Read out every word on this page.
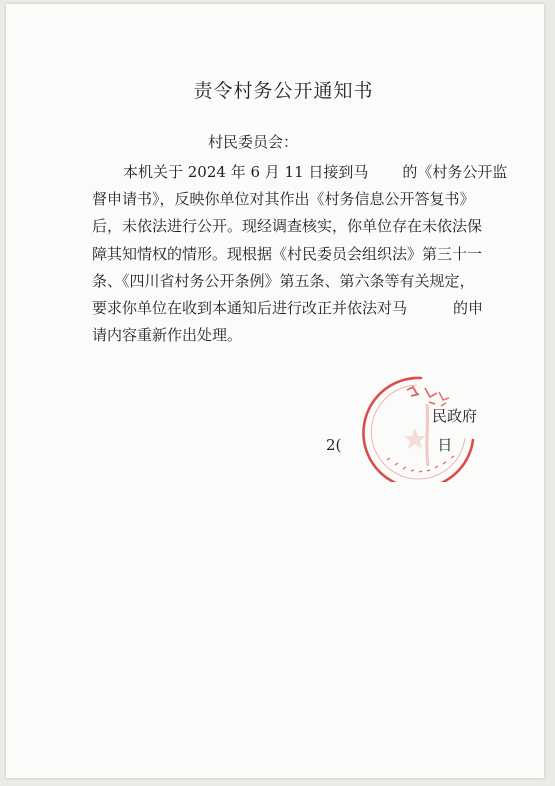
责令村务公开通知书
村民委员会：
本机关于 2024 年 6 月 11 日接到马 的《村务公开监
督申请书》，反映你单位对其作出《村务信息公开答复书》
后，未依法进行公开。现经调查核实，你单位存在未依法保
障其知情权的情形。现根据《村民委员会组织法》第三十一
条、《四川省村务公开条例》第五条、第六条等有关规定，
要求你单位在收到本通知后进行改正并依法对马	的申
请内容重新作出处理。
民政府
2(	日
